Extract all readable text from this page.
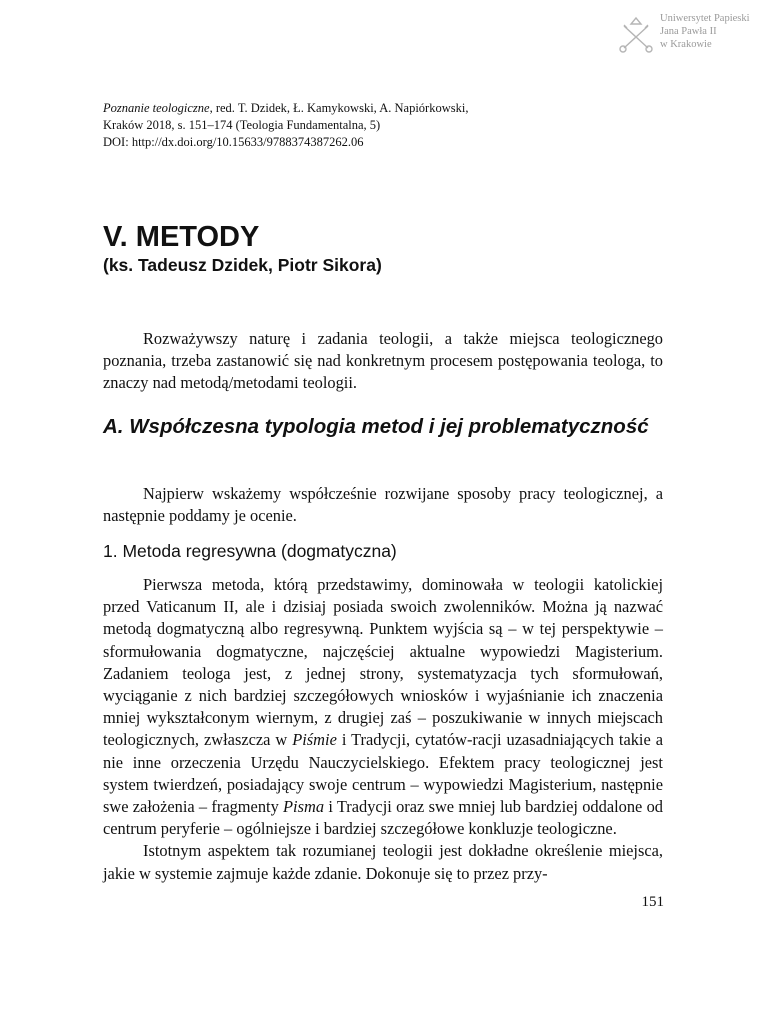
Uniwersytet Papieski
Jana Pawła II
w Krakowie
Poznanie teologiczne, red. T. Dzidek, Ł. Kamykowski, A. Napiórkowski,
Kraków 2018, s. 151–174 (Teologia Fundamentalna, 5)
DOI: http://dx.doi.org/10.15633/9788374387262.06
V. METODY
(ks. Tadeusz Dzidek, Piotr Sikora)

Rozważywszy naturę i zadania teologii, a także miejsca teologicznego poznania, trzeba zastanowić się nad konkretnym procesem postępowania teologa, to znaczy nad metodą/metodami teologii.

A. Współczesna typologia metod i jej problematyczność

Najpierw wskażemy współcześnie rozwijane sposoby pracy teologicznej, a następnie poddamy je ocenie.

1. Metoda regresywna (dogmatyczna)

Pierwsza metoda, którą przedstawimy, dominowała w teologii katolickiej przed Vaticanum II, ale i dzisiaj posiada swoich zwolenników. Można ją nazwać metodą dogmatyczną albo regresywną. Punktem wyjścia są – w tej perspektywie – sformułowania dogmatyczne, najczęściej aktualne wypowiedzi Magisterium. Zadaniem teologa jest, z jednej strony, systematyzacja tych sformułowań, wyciąganie z nich bardziej szczegółowych wniosków i wyjaśnianie ich znaczenia mniej wykształconym wiernym, z drugiej zaś – poszukiwanie w innych miejscach teologicznych, zwłaszcza w Piśmie i Tradycji, cytatów-racji uzasadniających takie a nie inne orzeczenia Urzędu Nauczycielskiego. Efektem pracy teologicznej jest system twierdzeń, posiadający swoje centrum – wypowiedzi Magisterium, następnie swe założenia – fragmenty Pisma i Tradycji oraz swe mniej lub bardziej oddalone od centrum peryferie – ogólniejsze i bardziej szczegółowe konkluzje teologiczne.

Istotnym aspektem tak rozumianej teologii jest dokładne określenie miejsca, jakie w systemie zajmuje każde zdanie. Dokonuje się to przez przy-

151
